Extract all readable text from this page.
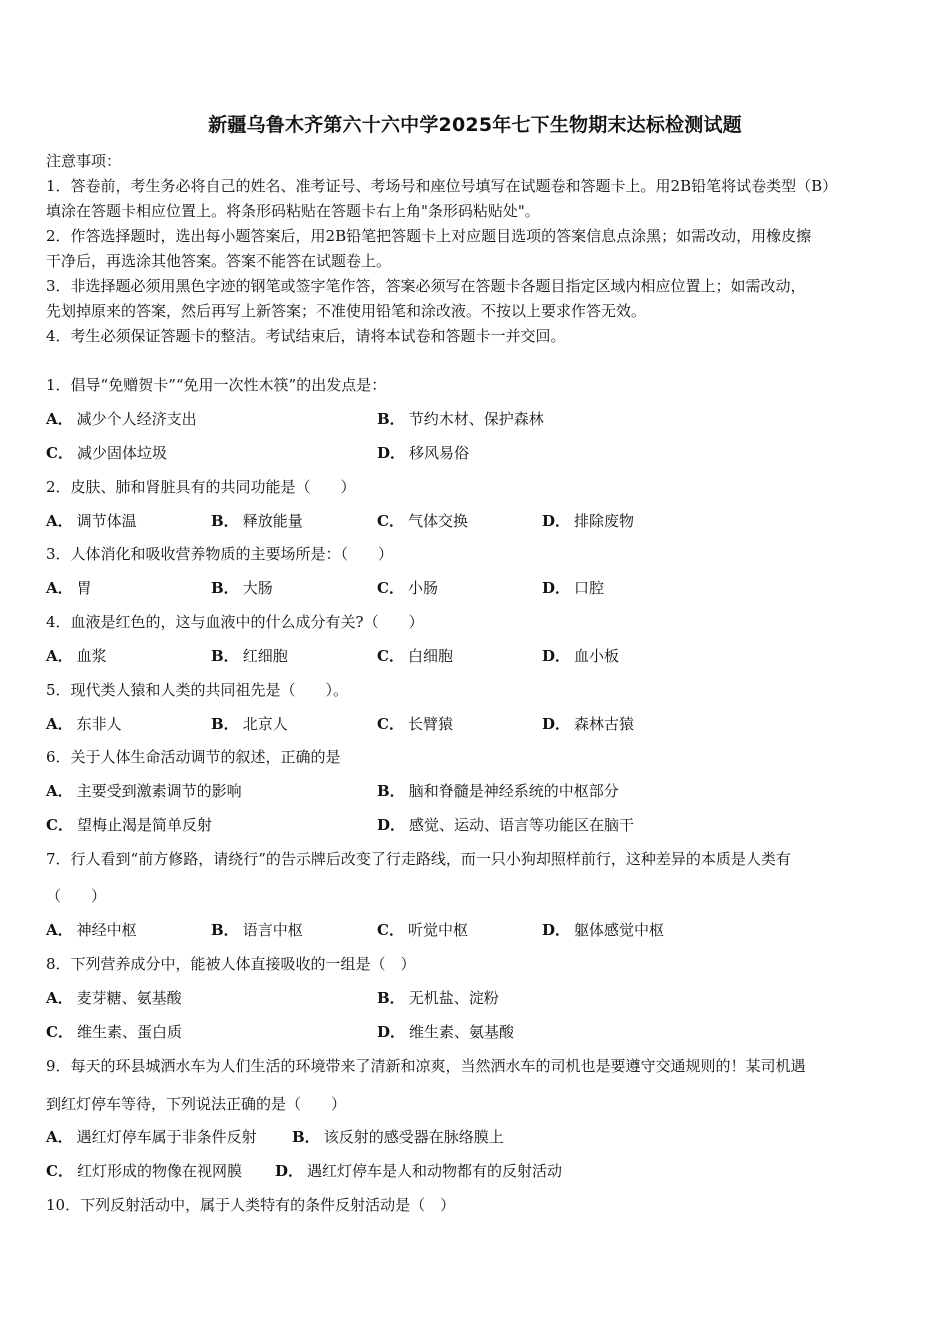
新疆乌鲁木齐第六十六中学2025年七下生物期末达标检测试题
注意事项：
1．答卷前，考生务必将自己的姓名、准考证号、考场号和座位号填写在试题卷和答题卡上。用2B铅笔将试卷类型（B）
填涂在答题卡相应位置上。将条形码粘贴在答题卡右上角"条形码粘贴处"。
2．作答选择题时，选出每小题答案后，用2B铅笔把答题卡上对应题目选项的答案信息点涂黑；如需改动，用橡皮擦
干净后，再选涂其他答案。答案不能答在试题卷上。
3．非选择题必须用黑色字迹的钢笔或签字笔作答，答案必须写在答题卡各题目指定区域内相应位置上；如需改动，
先划掉原来的答案，然后再写上新答案；不准使用铅笔和涂改液。不按以上要求作答无效。
4．考生必须保证答题卡的整洁。考试结束后，请将本试卷和答题卡一并交回。
1．倡导“免赠贺卡”“免用一次性木筷”的出发点是：
A． 减少个人经济支出	B． 节约木材、保护森林
C． 减少固体垃圾	D． 移风易俗
2．皮肤、肺和肾脏具有的共同功能是（　　）
A． 调节体温	B． 释放能量	C． 气体交换	D． 排除废物
3．人体消化和吸收营养物质的主要场所是：（　　）
A． 胃	B． 大肠	C． 小肠	D． 口腔
4．血液是红色的，这与血液中的什么成分有关?（　　）
A． 血浆	B． 红细胞	C． 白细胞	D． 血小板
5．现代类人猿和人类的共同祖先是（　　）。
A． 东非人	B． 北京人	C． 长臂猿	D． 森林古猿
6．关于人体生命活动调节的叙述，正确的是
A． 主要受到激素调节的影响	B． 脑和脊髓是神经系统的中枢部分
C． 望梅止渴是简单反射	D． 感觉、运动、语言等功能区在脑干
7．行人看到“前方修路，请绕行”的告示牌后改变了行走路线，而一只小狗却照样前行，这种差异的本质是人类有
（　　）
A． 神经中枢	B． 语言中枢	C． 听觉中枢	D． 躯体感觉中枢
8．下列营养成分中，能被人体直接吸收的一组是（　）
A． 麦芽糖、氨基酸	B． 无机盐、淀粉
C． 维生素、蛋白质	D． 维生素、氨基酸
9．每天的环县城洒水车为人们生活的环境带来了清新和凉爽，当然洒水车的司机也是要遵守交通规则的！某司机遇
到红灯停车等待，下列说法正确的是（　　）
A． 遇红灯停车属于非条件反射 B． 该反射的感受器在脉络膜上
C． 红灯形成的物像在视网膜 D． 遇红灯停车是人和动物都有的反射活动
10．下列反射活动中，属于人类特有的条件反射活动是（　）
